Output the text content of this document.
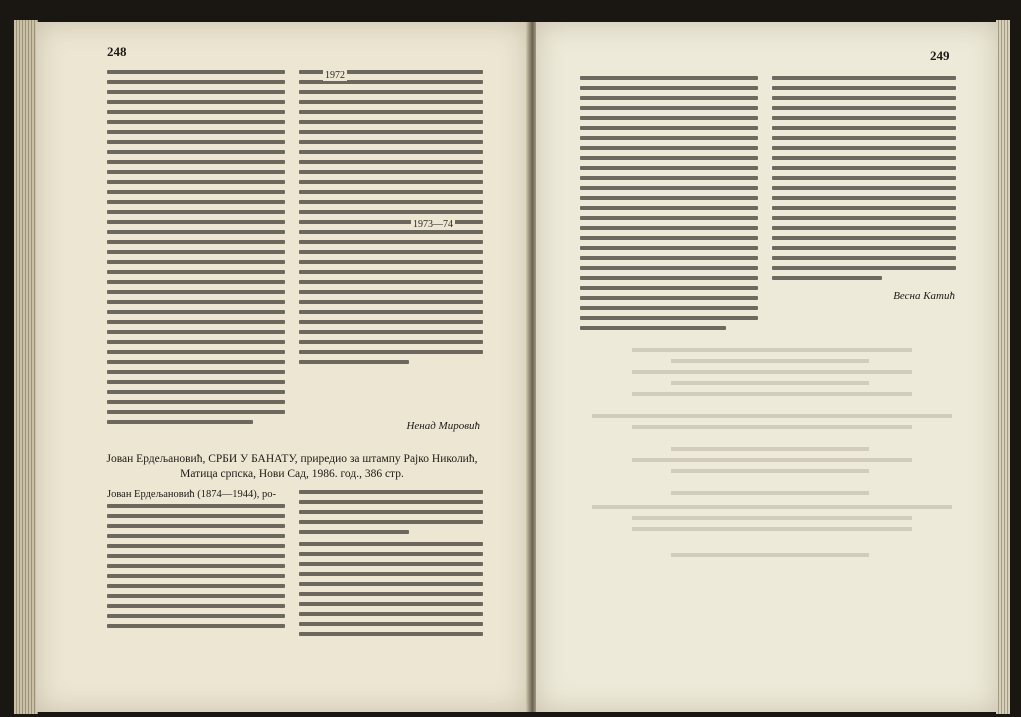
248
1972
1973—74
Ненад Мировић
Јован Ердељановић, СРБИ У БАНАТУ, приредио за штампу Рајко Николић,
Матица српска, Нови Сад, 1986. год., 386 стр.
Јован Ердељановић (1874—1944), ро-
249
Весна Катић
